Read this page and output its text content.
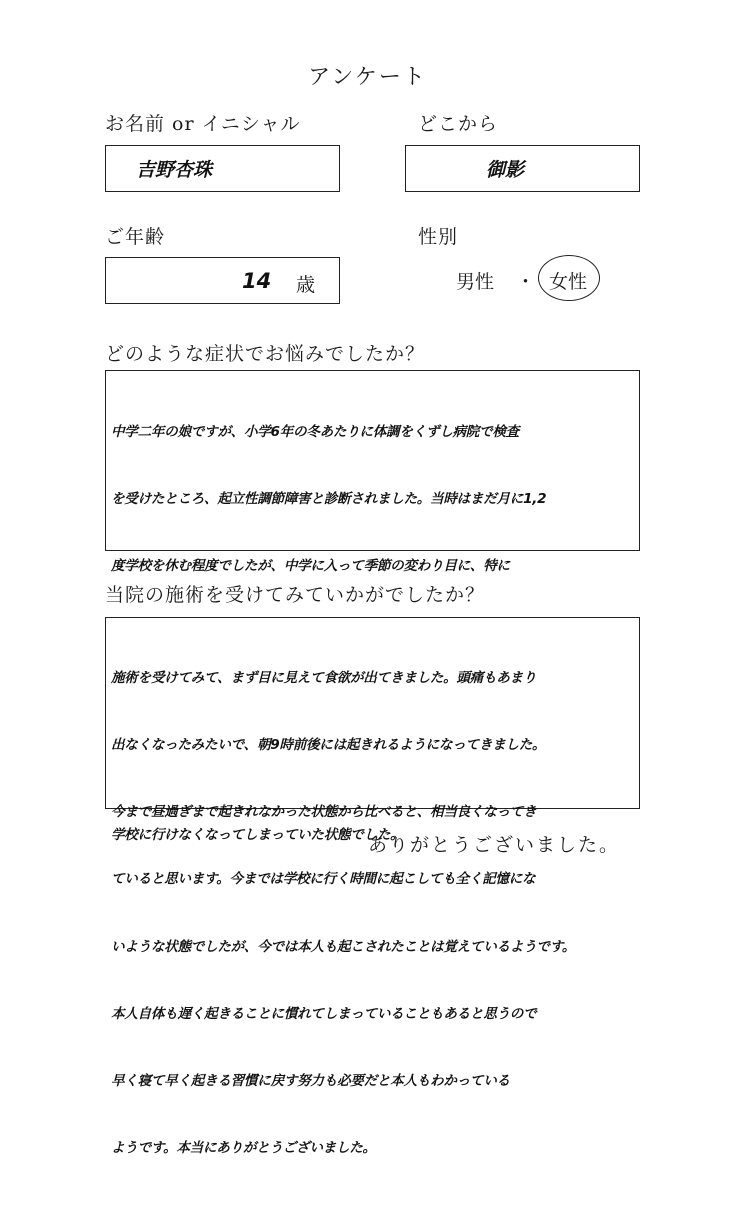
アンケート
お名前 or イニシャル
吉野杏珠
どこから
御影
ご年齢
14 歳
性別
男性 ・ 女性
どのような症状でお悩みでしたか？

中学二年の娘ですが、小学6年の冬あたりに体調をくずし病院で検査

を受けたところ、起立性調節障害と診断されました。当時はまだ月に1,2

度学校を休む程度でしたが、中学に入って季節の変わり目に、特に

学校に行けなくなってしまっていた状態でした。

当院の施術を受けてみていかがでしたか？

施術を受けてみて、まず目に見えて食欲が出てきました。頭痛もあまり

出なくなったみたいで、朝9時前後には起きれるようになってきました。

今まで昼過ぎまで起きれなかった状態から比べると、相当良くなってき

ていると思います。今までは学校に行く時間に起こしても全く記憶にな

いような状態でしたが、今では本人も起こされたことは覚えているようです。

本人自体も遅く起きることに慣れてしまっていることもあると思うので

早く寝て早く起きる習慣に戻す努力も必要だと本人もわかっている

ようです。本当にありがとうございました。

ありがとうございました。
